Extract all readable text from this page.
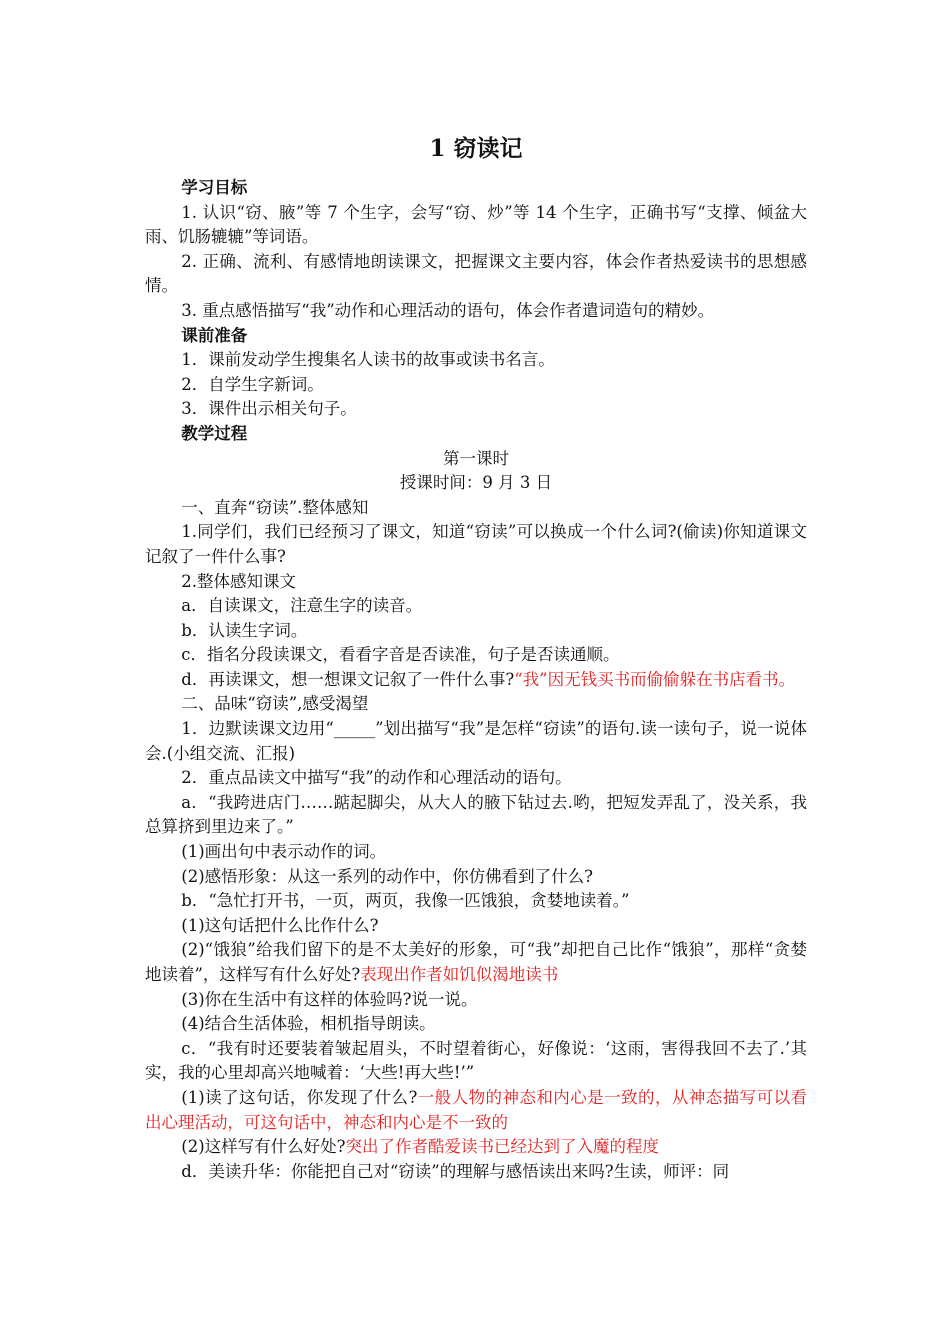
1 窃读记
学习目标
1. 认识“窃、腋”等 7 个生字，会写“窃、炒”等 14 个生字，正确书写“支撑、倾盆大雨、饥肠辘辘”等词语。
2. 正确、流利、有感情地朗读课文，把握课文主要内容，体会作者热爱读书的思想感情。
3. 重点感悟描写“我”动作和心理活动的语句，体会作者遣词造句的精妙。
课前准备
1．课前发动学生搜集名人读书的故事或读书名言。
2．自学生字新词。
3．课件出示相关句子。
教学过程
第一课时
授课时间：9 月 3 日
一、直奔“窃读”.整体感知
1.同学们，我们已经预习了课文，知道“窃读”可以换成一个什么词?(偷读)你知道课文记叙了一件什么事?
2.整体感知课文
a．自读课文，注意生字的读音。
b．认读生字词。
c．指名分段读课文，看看字音是否读准，句子是否读通顺。
d．再读课文，想一想课文记叙了一件什么事?“我”因无钱买书而偷偷躲在书店看书。
二、品味“窃读”,感受渴望
1．边默读课文边用“_____”划出描写“我”是怎样“窃读”的语句.读一读句子，说一说体会.(小组交流、汇报)
2．重点品读文中描写“我”的动作和心理活动的语句。
a．“我跨进店门……踮起脚尖，从大人的腋下钻过去.哟，把短发弄乱了，没关系，我总算挤到里边来了。”
(1)画出句中表示动作的词。
(2)感悟形象：从这一系列的动作中，你仿佛看到了什么?
b．“急忙打开书，一页，两页，我像一匹饿狼，贪婪地读着。”
(1)这句话把什么比作什么?
(2)“饿狼”给我们留下的是不太美好的形象，可“我”却把自己比作“饿狼”，那样“贪婪地读着”，这样写有什么好处?表现出作者如饥似渴地读书
(3)你在生活中有这样的体验吗?说一说。
(4)结合生活体验，相机指导朗读。
c．“我有时还要装着皱起眉头，不时望着街心，好像说：‘这雨，害得我回不去了.’其实，我的心里却高兴地喊着：‘大些!再大些!’”
(1)读了这句话，你发现了什么?一般人物的神态和内心是一致的，从神态描写可以看出心理活动，可这句话中，神态和内心是不一致的
(2)这样写有什么好处?突出了作者酷爱读书已经达到了入魔的程度
d．美读升华：你能把自己对“窃读”的理解与感悟读出来吗?生读，师评：同
